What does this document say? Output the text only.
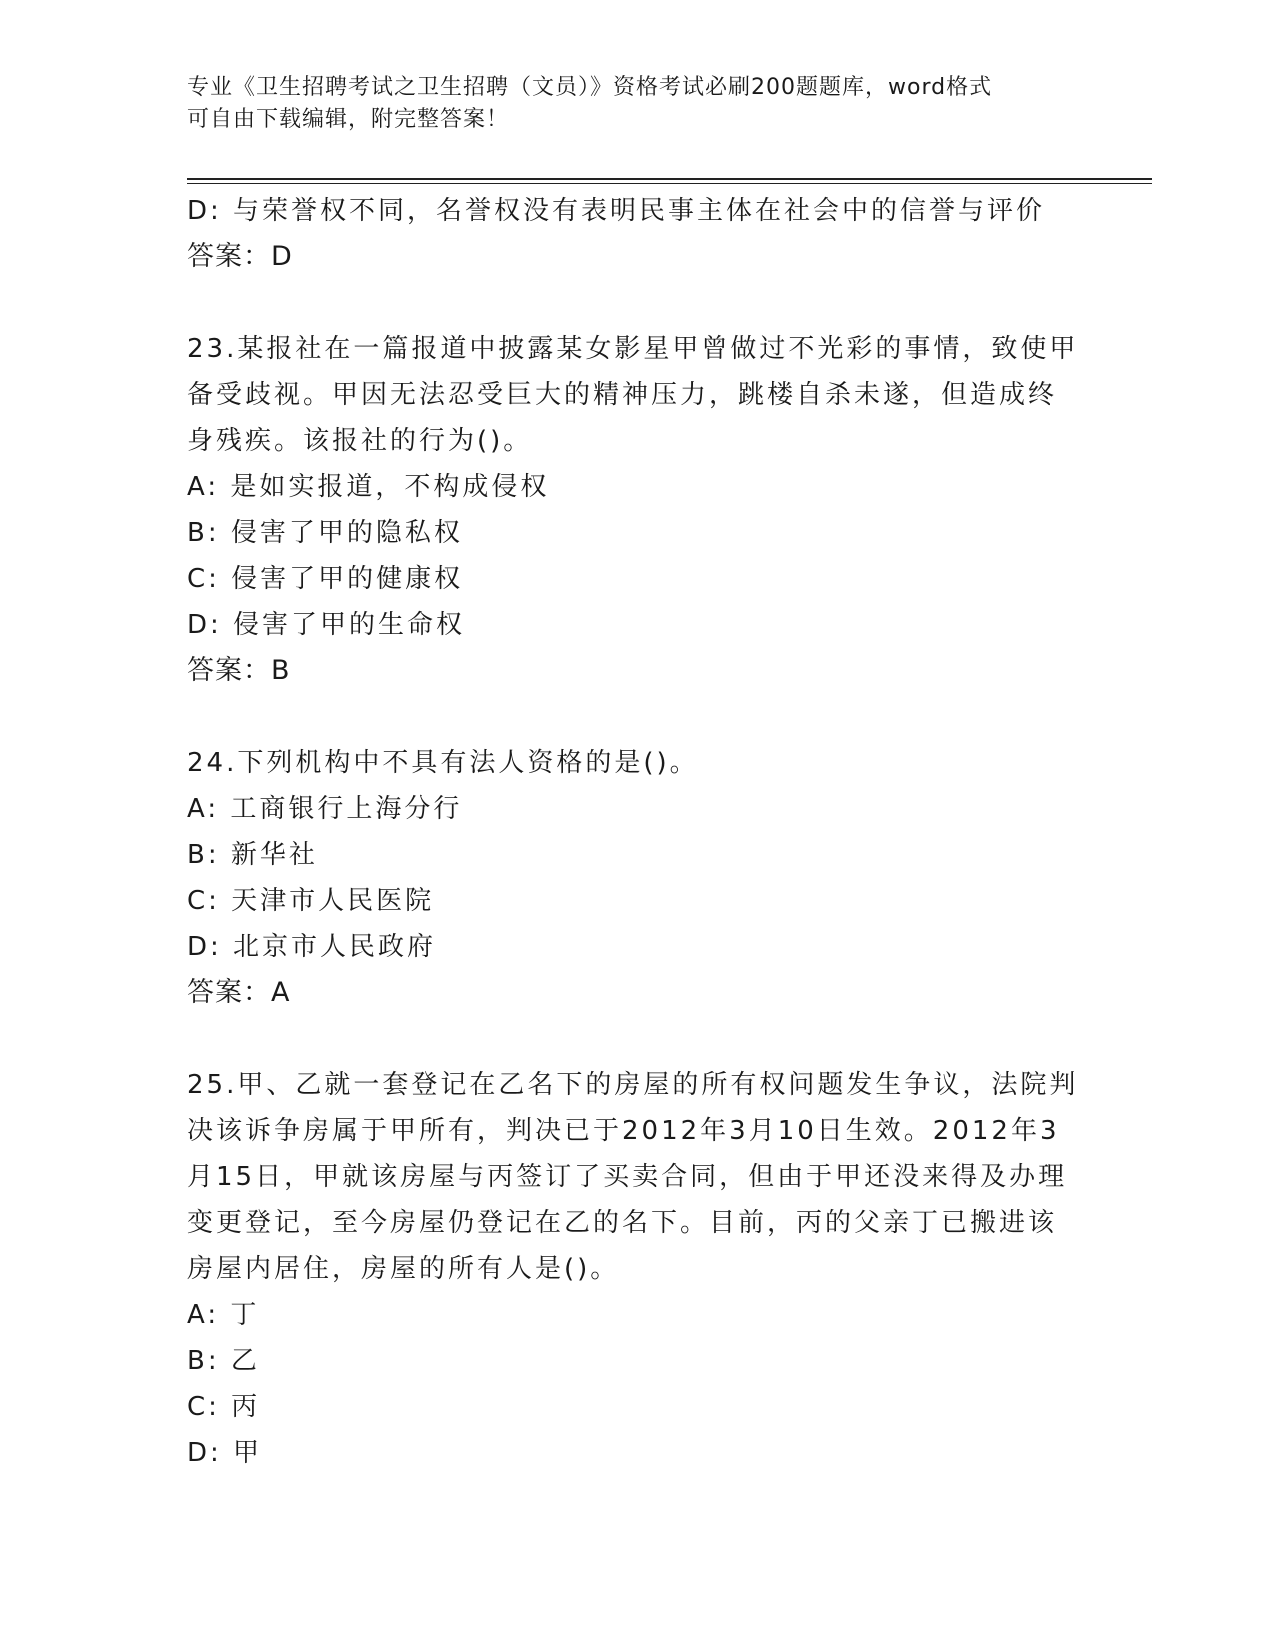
专业《卫生招聘考试之卫生招聘（文员）》资格考试必刷200题题库，word格式
可自由下载编辑，附完整答案！
D: 与荣誉权不同，名誉权没有表明民事主体在社会中的信誉与评价
答案：D
23.某报社在一篇报道中披露某女影星甲曾做过不光彩的事情，致使甲
备受歧视。甲因无法忍受巨大的精神压力，跳楼自杀未遂，但造成终
身残疾。该报社的行为()。
A: 是如实报道，不构成侵权
B: 侵害了甲的隐私权
C: 侵害了甲的健康权
D: 侵害了甲的生命权
答案：B
24.下列机构中不具有法人资格的是()。
A: 工商银行上海分行
B: 新华社
C: 天津市人民医院
D: 北京市人民政府
答案：A
25.甲、乙就一套登记在乙名下的房屋的所有权问题发生争议，法院判
决该诉争房属于甲所有，判决已于2012年3月10日生效。2012年3
月15日，甲就该房屋与丙签订了买卖合同，但由于甲还没来得及办理
变更登记，至今房屋仍登记在乙的名下。目前，丙的父亲丁已搬进该
房屋内居住，房屋的所有人是()。
A: 丁
B: 乙
C: 丙
D: 甲
